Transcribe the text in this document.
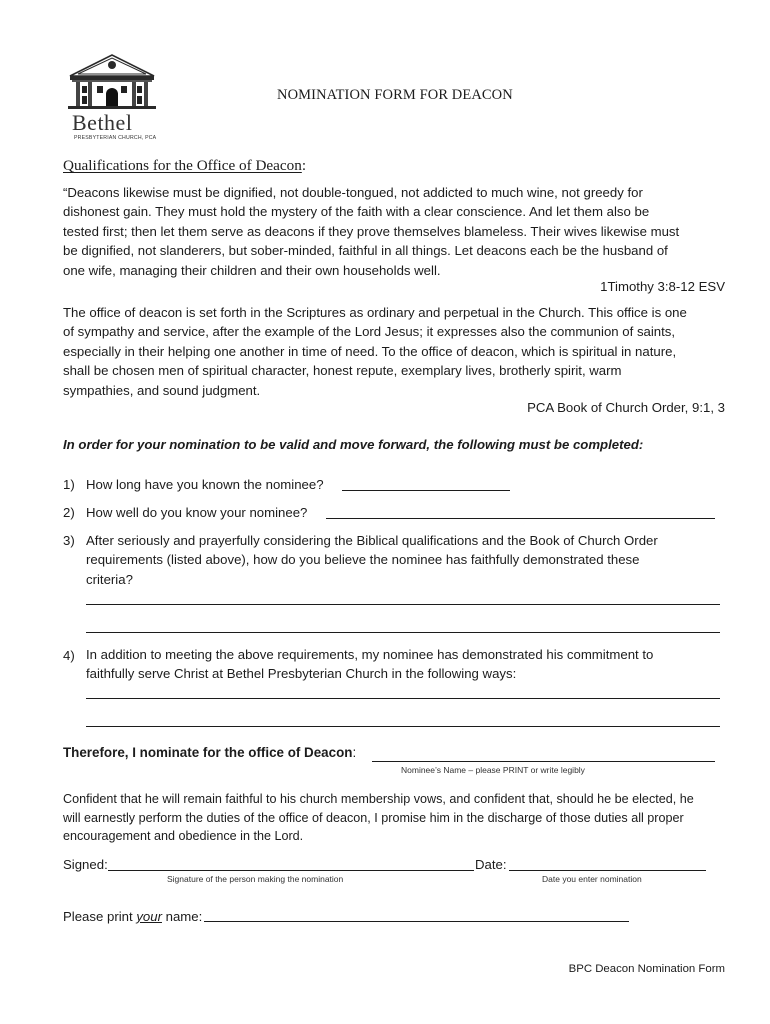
Bethel
PRESBYTERIAN CHURCH, PCA
NOMINATION FORM FOR DEACON
Qualifications for the Office of Deacon:

“Deacons likewise must be dignified, not double-tongued, not addicted to much wine, not greedy for

dishonest gain. They must hold the mystery of the faith with a clear conscience. And let them also be

tested first; then let them serve as deacons if they prove themselves blameless. Their wives likewise must

be dignified, not slanderers, but sober-minded, faithful in all things. Let deacons each be the husband of

one wife, managing their children and their own households well.

1Timothy 3:8-12 ESV

The office of deacon is set forth in the Scriptures as ordinary and perpetual in the Church. This office is one

of sympathy and service, after the example of the Lord Jesus; it expresses also the communion of saints,

especially in their helping one another in time of need. To the office of deacon, which is spiritual in nature,

shall be chosen men of spiritual character, honest repute, exemplary lives, brotherly spirit, warm

sympathies, and sound judgment.

PCA Book of Church Order, 9:1, 3
In order for your nomination to be valid and move forward, the following must be completed:
1) How long have you known the nominee?
2) How well do you know your nominee?
3) After seriously and prayerfully considering the Biblical qualifications and the Book of Church Order

requirements (listed above), how do you believe the nominee has faithfully demonstrated these

criteria?

4) In addition to meeting the above requirements, my nominee has demonstrated his commitment to

faithfully serve Christ at Bethel Presbyterian Church in the following ways:

Therefore, I nominate for the office of Deacon:
Nominee’s Name – please PRINT or write legibly

Confident that he will remain faithful to his church membership vows, and confident that, should he be elected, he

will earnestly perform the duties of the office of deacon, I promise him in the discharge of those duties all proper

encouragement and obedience in the Lord.

Signed:	Date:
Signature of the person making the nomination	Date you enter nomination
Please print your name:
BPC Deacon Nomination Form
